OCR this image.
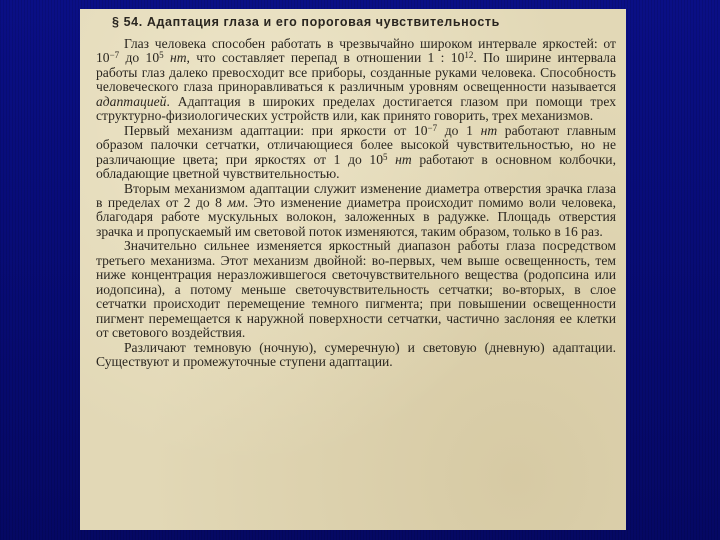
§ 54. Адаптация глаза и его пороговая чувствительность

Глаз человека способен работать в чрезвычайно широком интервале яркостей: от $10^{-7}$ до $10^5$ нт, что составляет перепад в отношении 1 : $10^{12}$. По ширине интервала работы глаз далеко превосходит все приборы, созданные руками человека. Способность человеческого глаза приноравливаться к различным уровням освещенности называется адаптацией. Адаптация в широких пределах достигается глазом при помощи трех структурно-физиологических устройств или, как принято говорить, трех механизмов.

Первый механизм адаптации: при яркости от $10^{-7}$ до 1 нт работают главным образом палочки сетчатки, отличающиеся более высокой чувствительностью, но не различающие цвета; при яркостях от 1 до $10^5$ нт работают в основном колбочки, обладающие цветной чувствительностью.

Вторым механизмом адаптации служит изменение диаметра отверстия зрачка глаза в пределах от 2 до 8 мм. Это изменение диаметра происходит помимо воли человека, благодаря работе мускульных волокон, заложенных в радужке. Площадь отверстия зрачка и пропускаемый им световой поток изменяются, таким образом, только в 16 раз.

Значительно сильнее изменяется яркостный диапазон работы глаза посредством третьего механизма. Этот механизм двойной: во-первых, чем выше освещенность, тем ниже концентрация неразложившегося светочувствительного вещества (родопсина или иодопсина), а потому меньше светочувствительность сетчатки; во-вторых, в слое сетчатки происходит перемещение темного пигмента; при повышении освещенности пигмент перемещается к наружной поверхности сетчатки, частично заслоняя ее клетки от светового воздействия.

Различают темновую (ночную), сумеречную) и световую (дневную) адаптации. Существуют и промежуточные ступени адаптации.
